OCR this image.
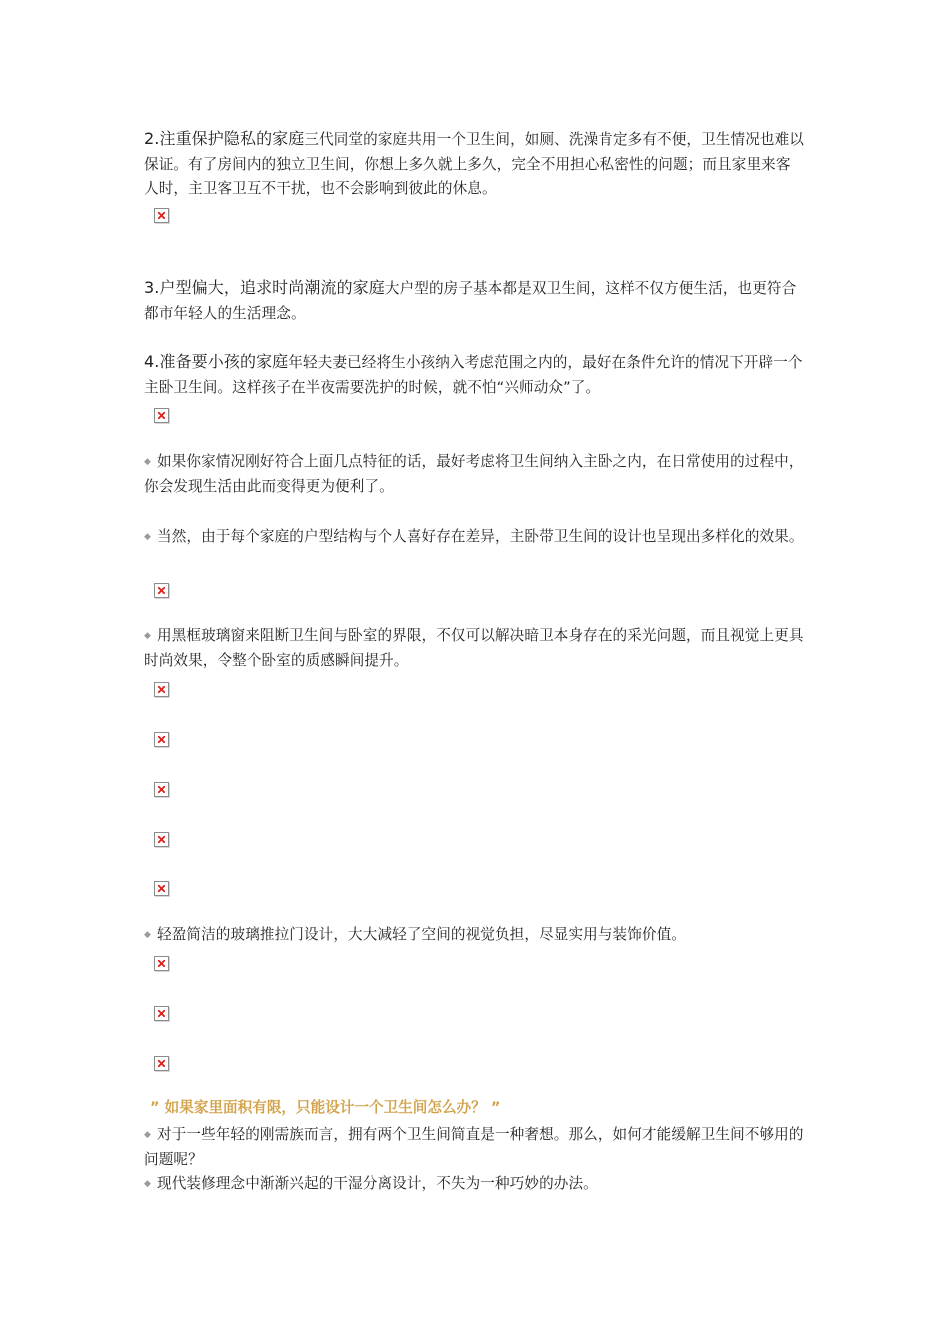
2.注重保护隐私的家庭三代同堂的家庭共用一个卫生间，如厕、洗澡肯定多有不便，卫生情况也难以保证。有了房间内的独立卫生间，你想上多久就上多久，完全不用担心私密性的问题；而且家里来客人时，主卫客卫互不干扰，也不会影响到彼此的休息。

3.户型偏大，追求时尚潮流的家庭大户型的房子基本都是双卫生间，这样不仅方便生活，也更符合都市年轻人的生活理念。

4.准备要小孩的家庭年轻夫妻已经将生小孩纳入考虑范围之内的，最好在条件允许的情况下开辟一个主卧卫生间。这样孩子在半夜需要洗护的时候，就不怕“兴师动众”了。

◆ 如果你家情况刚好符合上面几点特征的话，最好考虑将卫生间纳入主卧之内，在日常使用的过程中，你会发现生活由此而变得更为便利了。

◆ 当然，由于每个家庭的户型结构与个人喜好存在差异，主卧带卫生间的设计也呈现出多样化的效果。

◆ 用黑框玻璃窗来阻断卫生间与卧室的界限，不仅可以解决暗卫本身存在的采光问题，而且视觉上更具时尚效果，令整个卧室的质感瞬间提升。

◆ 轻盈简洁的玻璃推拉门设计，大大减轻了空间的视觉负担，尽显实用与装饰价值。

” 如果家里面积有限，只能设计一个卫生间怎么办？ ”

◆ 对于一些年轻的刚需族而言，拥有两个卫生间简直是一种奢想。那么，如何才能缓解卫生间不够用的问题呢？

◆ 现代装修理念中渐渐兴起的干湿分离设计，不失为一种巧妙的办法。
